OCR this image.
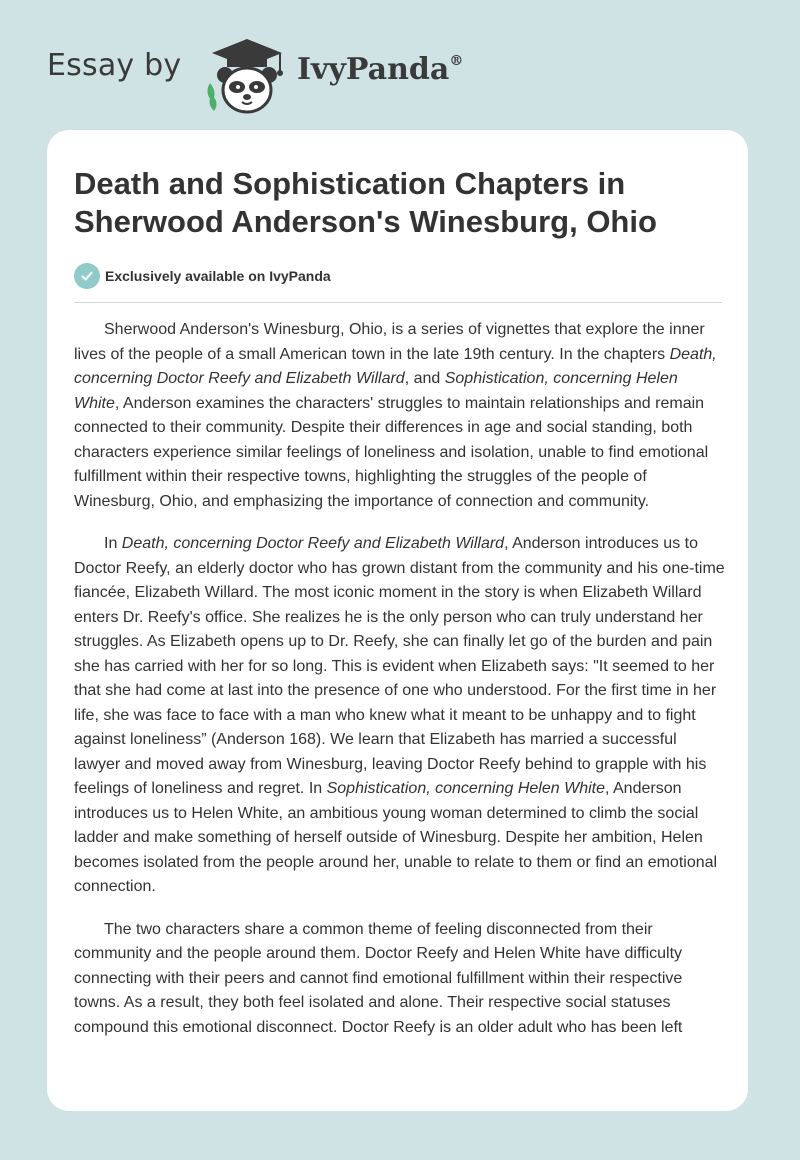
Essay by	IvyPanda®
Death and Sophistication Chapters in Sherwood Anderson's Winesburg, Ohio
Exclusively available on IvyPanda

Sherwood Anderson's Winesburg, Ohio, is a series of vignettes that explore the inner lives of the people of a small American town in the late 19th century. In the chapters Death, concerning Doctor Reefy and Elizabeth Willard, and Sophistication, concerning Helen White, Anderson examines the characters' struggles to maintain relationships and remain connected to their community. Despite their differences in age and social standing, both characters experience similar feelings of loneliness and isolation, unable to find emotional fulfillment within their respective towns, highlighting the struggles of the people of Winesburg, Ohio, and emphasizing the importance of connection and community.

In Death, concerning Doctor Reefy and Elizabeth Willard, Anderson introduces us to Doctor Reefy, an elderly doctor who has grown distant from the community and his one-time fiancée, Elizabeth Willard. The most iconic moment in the story is when Elizabeth Willard enters Dr. Reefy's office. She realizes he is the only person who can truly understand her struggles. As Elizabeth opens up to Dr. Reefy, she can finally let go of the burden and pain she has carried with her for so long. This is evident when Elizabeth says: "It seemed to her that she had come at last into the presence of one who understood. For the first time in her life, she was face to face with a man who knew what it meant to be unhappy and to fight against loneliness” (Anderson 168). We learn that Elizabeth has married a successful lawyer and moved away from Winesburg, leaving Doctor Reefy behind to grapple with his feelings of loneliness and regret. In Sophistication, concerning Helen White, Anderson introduces us to Helen White, an ambitious young woman determined to climb the social ladder and make something of herself outside of Winesburg. Despite her ambition, Helen becomes isolated from the people around her, unable to relate to them or find an emotional connection.

The two characters share a common theme of feeling disconnected from their community and the people around them. Doctor Reefy and Helen White have difficulty connecting with their peers and cannot find emotional fulfillment within their respective towns. As a result, they both feel isolated and alone. Their respective social statuses compound this emotional disconnect. Doctor Reefy is an older adult who has been left
